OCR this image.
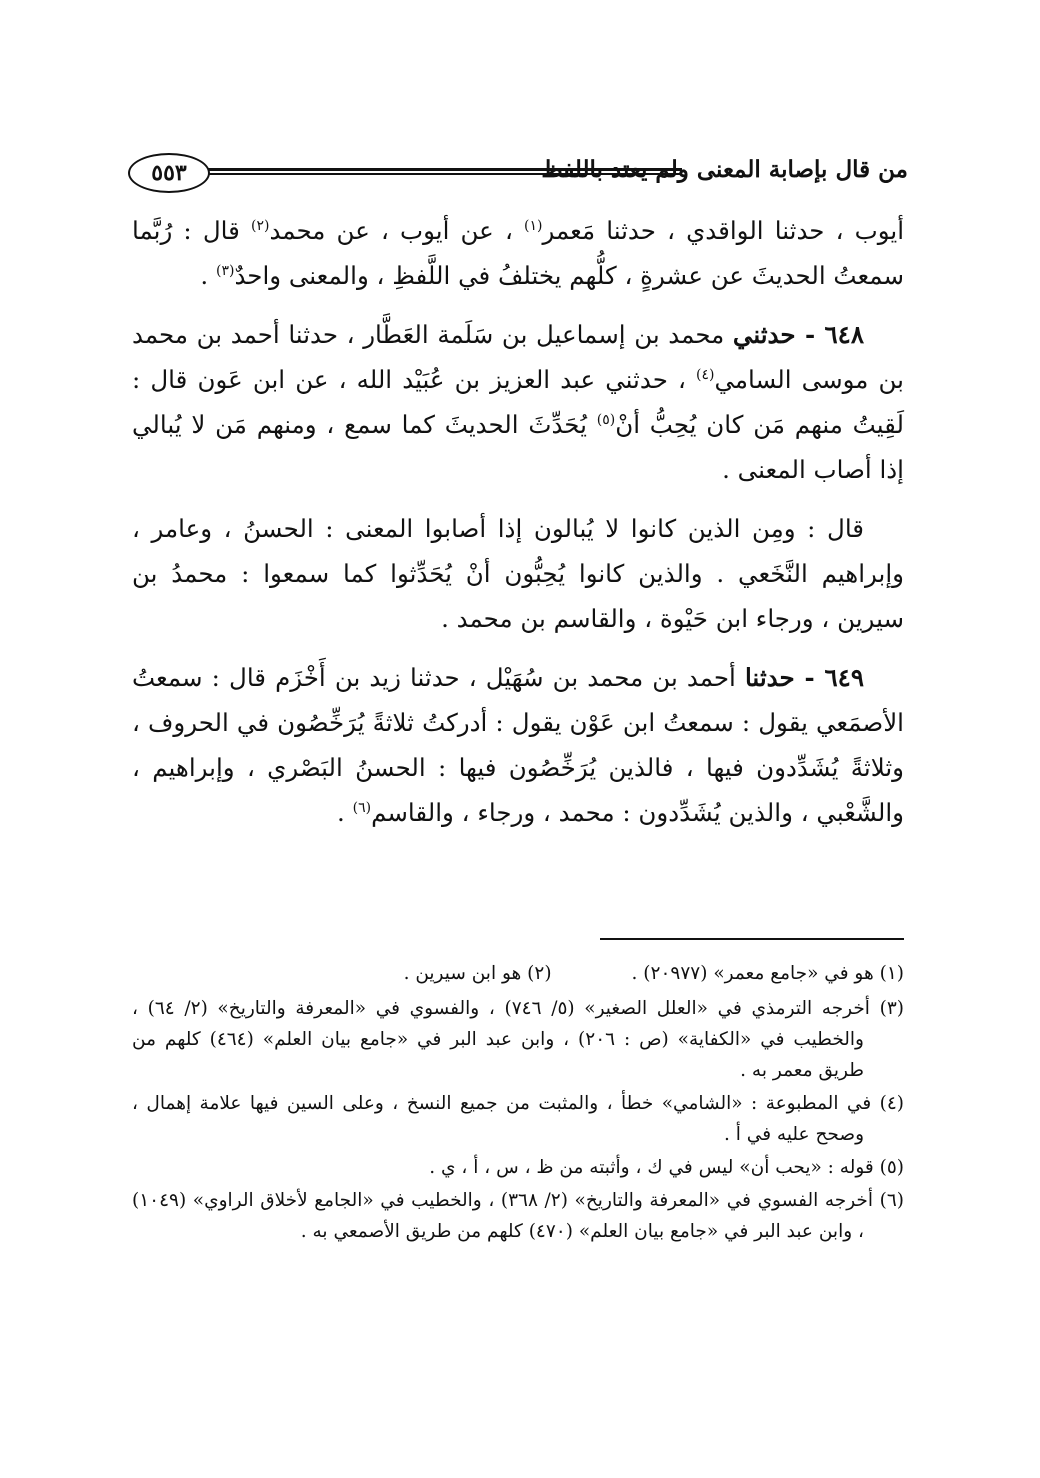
٥٥٣	من قال بإصابة المعنى ولم يعتد باللفظ

أيوب ، حدثنا الواقدي ، حدثنا مَعمر$^{(١)}$ ، عن أيوب ، عن محمد$^{(٢)}$ قال : رُبَّما سمعتُ الحديثَ عن عشرةٍ ، كلُّهم يختلفُ في اللَّفظِ ، والمعنى واحدٌ$^{(٣)}$ .

٦٤٨ - حدثني محمد بن إسماعيل بن سَلَمة العَطَّار ، حدثنا أحمد بن محمد بن موسى السامي$^{(٤)}$ ، حدثني عبد العزيز بن عُبَيْد الله ، عن ابن عَون قال : لَقِيتُ منهم مَن كان يُحِبُّ أنْ$^{(٥)}$ يُحَدِّثَ الحديثَ كما سمع ، ومنهم مَن لا يُبالي إذا أصاب المعنى .

قال : ومِن الذين كانوا لا يُبالون إذا أصابوا المعنى : الحسنُ ، وعامر ، وإبراهيم النَّخَعي . والذين كانوا يُحِبُّون أنْ يُحَدِّثوا كما سمعوا : محمدُ بن سيرين ، ورجاء ابن حَيْوة ، والقاسم بن محمد .

٦٤٩ - حدثنا أحمد بن محمد بن سُهَيْل ، حدثنا زيد بن أَخْزَم قال : سمعتُ الأصمَعي يقول : سمعتُ ابن عَوْن يقول : أدركتُ ثلاثةً يُرَخِّصُون في الحروف ، وثلاثةً يُشَدِّدون فيها ، فالذين يُرَخِّصُون فيها : الحسنُ البَصْري ، وإبراهيم ، والشَّعْبي ، والذين يُشَدِّدون : محمد ، ورجاء ، والقاسم$^{(٦)}$ .

(١) هو في «جامع معمر» (٢٠٩٧٧) .

(٢) هو ابن سيرين .

(٣) أخرجه الترمذي في «العلل الصغير» (٥/ ٧٤٦) ، والفسوي في «المعرفة والتاريخ» (٢/ ٦٤) ، والخطيب في «الكفاية» (ص : ٢٠٦) ، وابن عبد البر في «جامع بيان العلم» (٤٦٤) كلهم من طريق معمر به .

(٤) في المطبوعة : «الشامي» خطأ ، والمثبت من جميع النسخ ، وعلى السين فيها علامة إهمال ، وصحح عليه في أ .

(٥) قوله : «يحب أن» ليس في ك ، وأثبته من ظ ، س ، أ ، ي .

(٦) أخرجه الفسوي في «المعرفة والتاريخ» (٢/ ٣٦٨) ، والخطيب في «الجامع لأخلاق الراوي» (١٠٤٩) ، وابن عبد البر في «جامع بيان العلم» (٤٧٠) كلهم من طريق الأصمعي به .
